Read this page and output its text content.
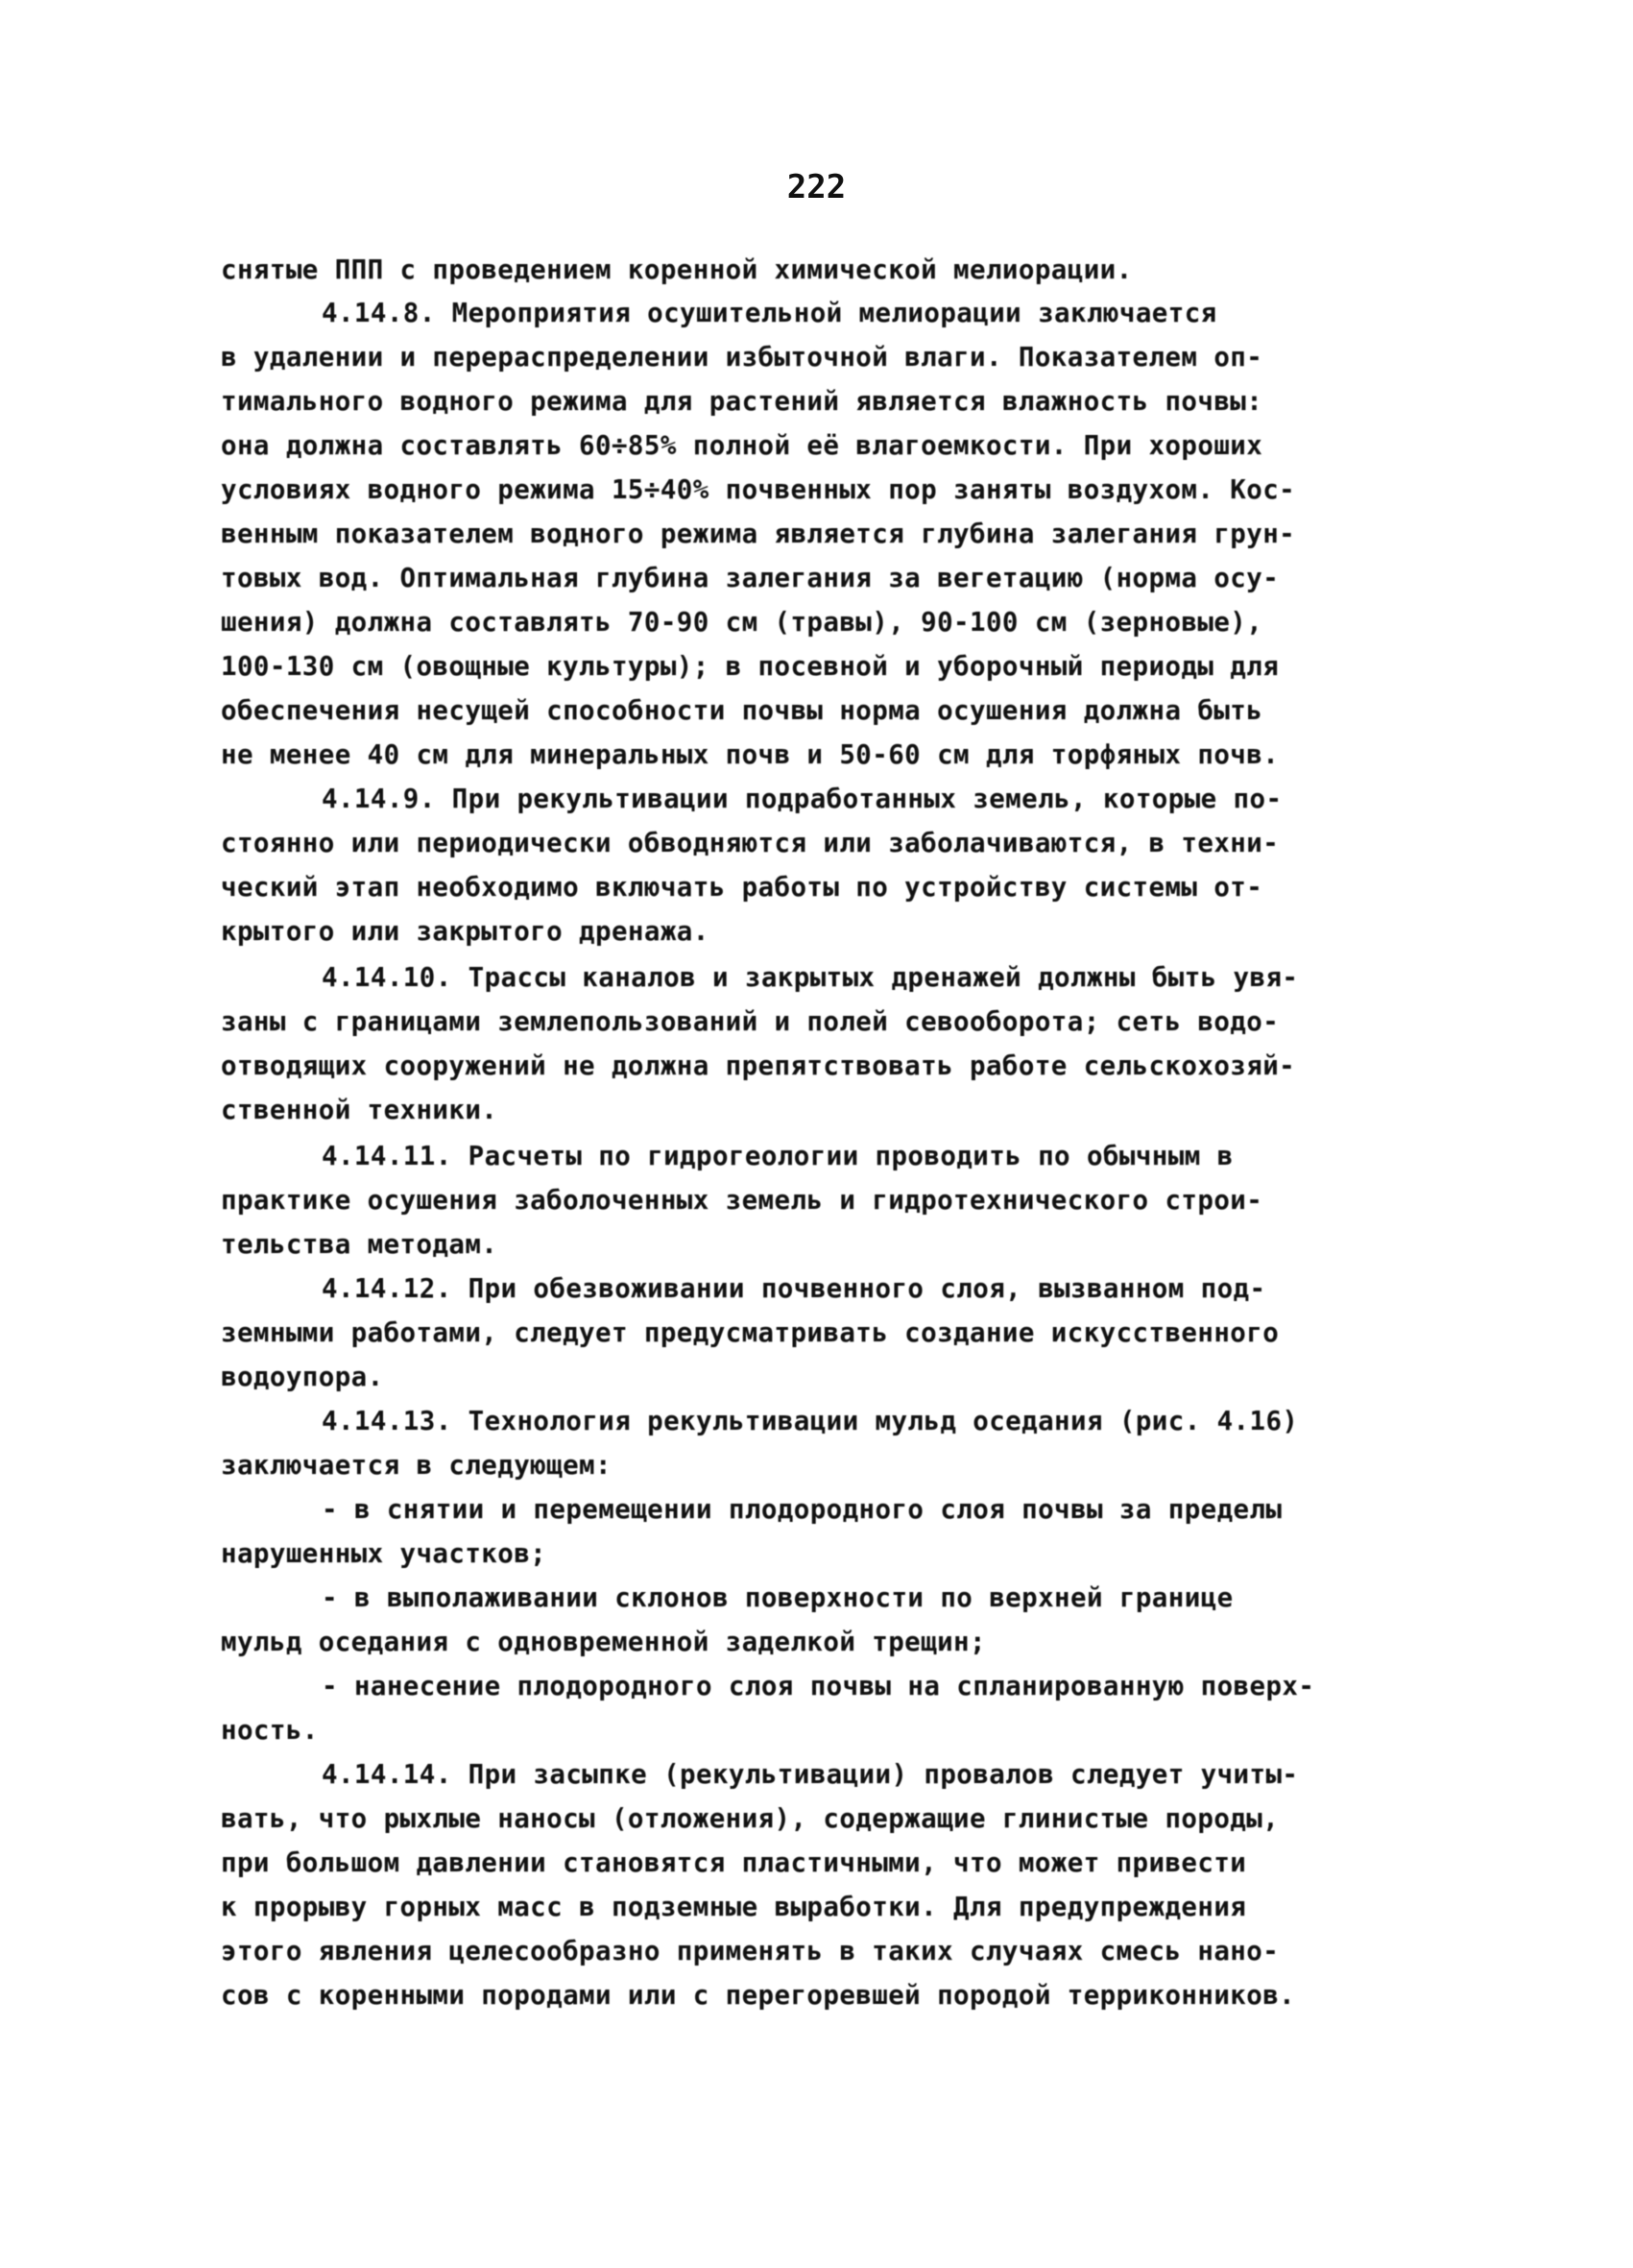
222
снятые ППП с проведением коренной химической мелиорации.
4.14.8. Мероприятия осушительной мелиорации заключается
в удалении и перераспределении избыточной влаги. Показателем оп-
тимального водного режима для растений является влажность почвы:
она должна составлять 60÷85% полной её влагоемкости. При хороших
условиях водного режима 15÷40% почвенных пор заняты воздухом. Кос-
венным показателем водного режима является глубина залегания грун-
товых вод. Оптимальная глубина залегания за вегетацию (норма осу-
шения) должна составлять 70-90 см (травы), 90-100 см (зерновые),
100-130 см (овощные культуры); в посевной и уборочный периоды для
обеспечения несущей способности почвы норма осушения должна быть
не менее 40 см для минеральных почв и 50-60 см для торфяных почв.
4.14.9. При рекультивации подработанных земель, которые по-
стоянно или периодически обводняются или заболачиваются, в техни-
ческий этап необходимо включать работы по устройству системы от-
крытого или закрытого дренажа.
4.14.10. Трассы каналов и закрытых дренажей должны быть увя-
заны с границами землепользований и полей севооборота; сеть водо-
отводящих сооружений не должна препятствовать работе сельскохозяй-
ственной техники.
4.14.11. Расчеты по гидрогеологии проводить по обычным в
практике осушения заболоченных земель и гидротехнического строи-
тельства методам.
4.14.12. При обезвоживании почвенного слоя, вызванном под-
земными работами, следует предусматривать создание искусственного
водоупора.
4.14.13. Технология рекультивации мульд оседания (рис. 4.16)
заключается в следующем:
- в снятии и перемещении плодородного слоя почвы за пределы
нарушенных участков;
- в выполаживании склонов поверхности по верхней границе
мульд оседания с одновременной заделкой трещин;
- нанесение плодородного слоя почвы на спланированную поверх-
ность.
4.14.14. При засыпке (рекультивации) провалов следует учиты-
вать, что рыхлые наносы (отложения), содержащие глинистые породы,
при большом давлении становятся пластичными, что может привести
к прорыву горных масс в подземные выработки. Для предупреждения
этого явления целесообразно применять в таких случаях смесь нано-
сов с коренными породами или с перегоревшей породой терриконников.
